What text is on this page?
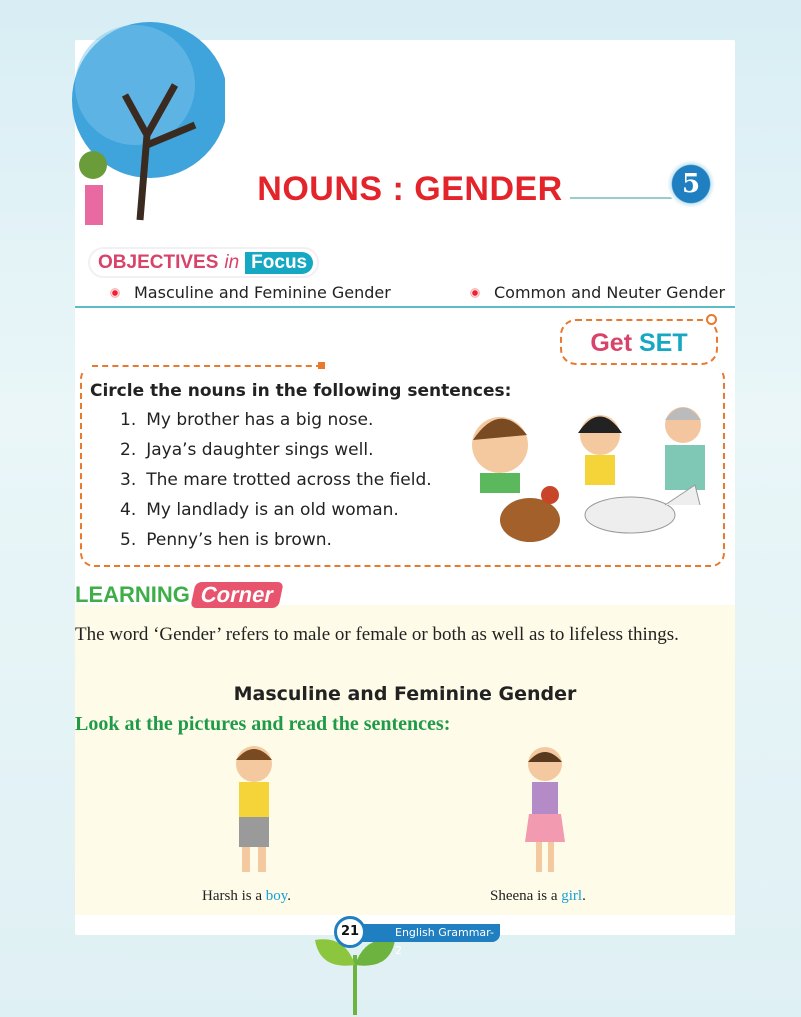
NOUNS : GENDER	5
OBJECTIVES in Focus
Masculine and Feminine Gender	Common and Neuter Gender
Get SET
Circle the nouns in the following sentences:
1. My brother has a big nose.
2. Jaya’s daughter sings well.
3. The mare trotted across the field.
4. My landlady is an old woman.
5. Penny’s hen is brown.
LEARNING Corner
The word ‘Gender’ refers to male or female or both as well as to lifeless things.
Masculine and Feminine Gender
Look at the pictures and read the sentences:
Harsh is a boy.	Sheena is a girl.
English Grammar-2
21
